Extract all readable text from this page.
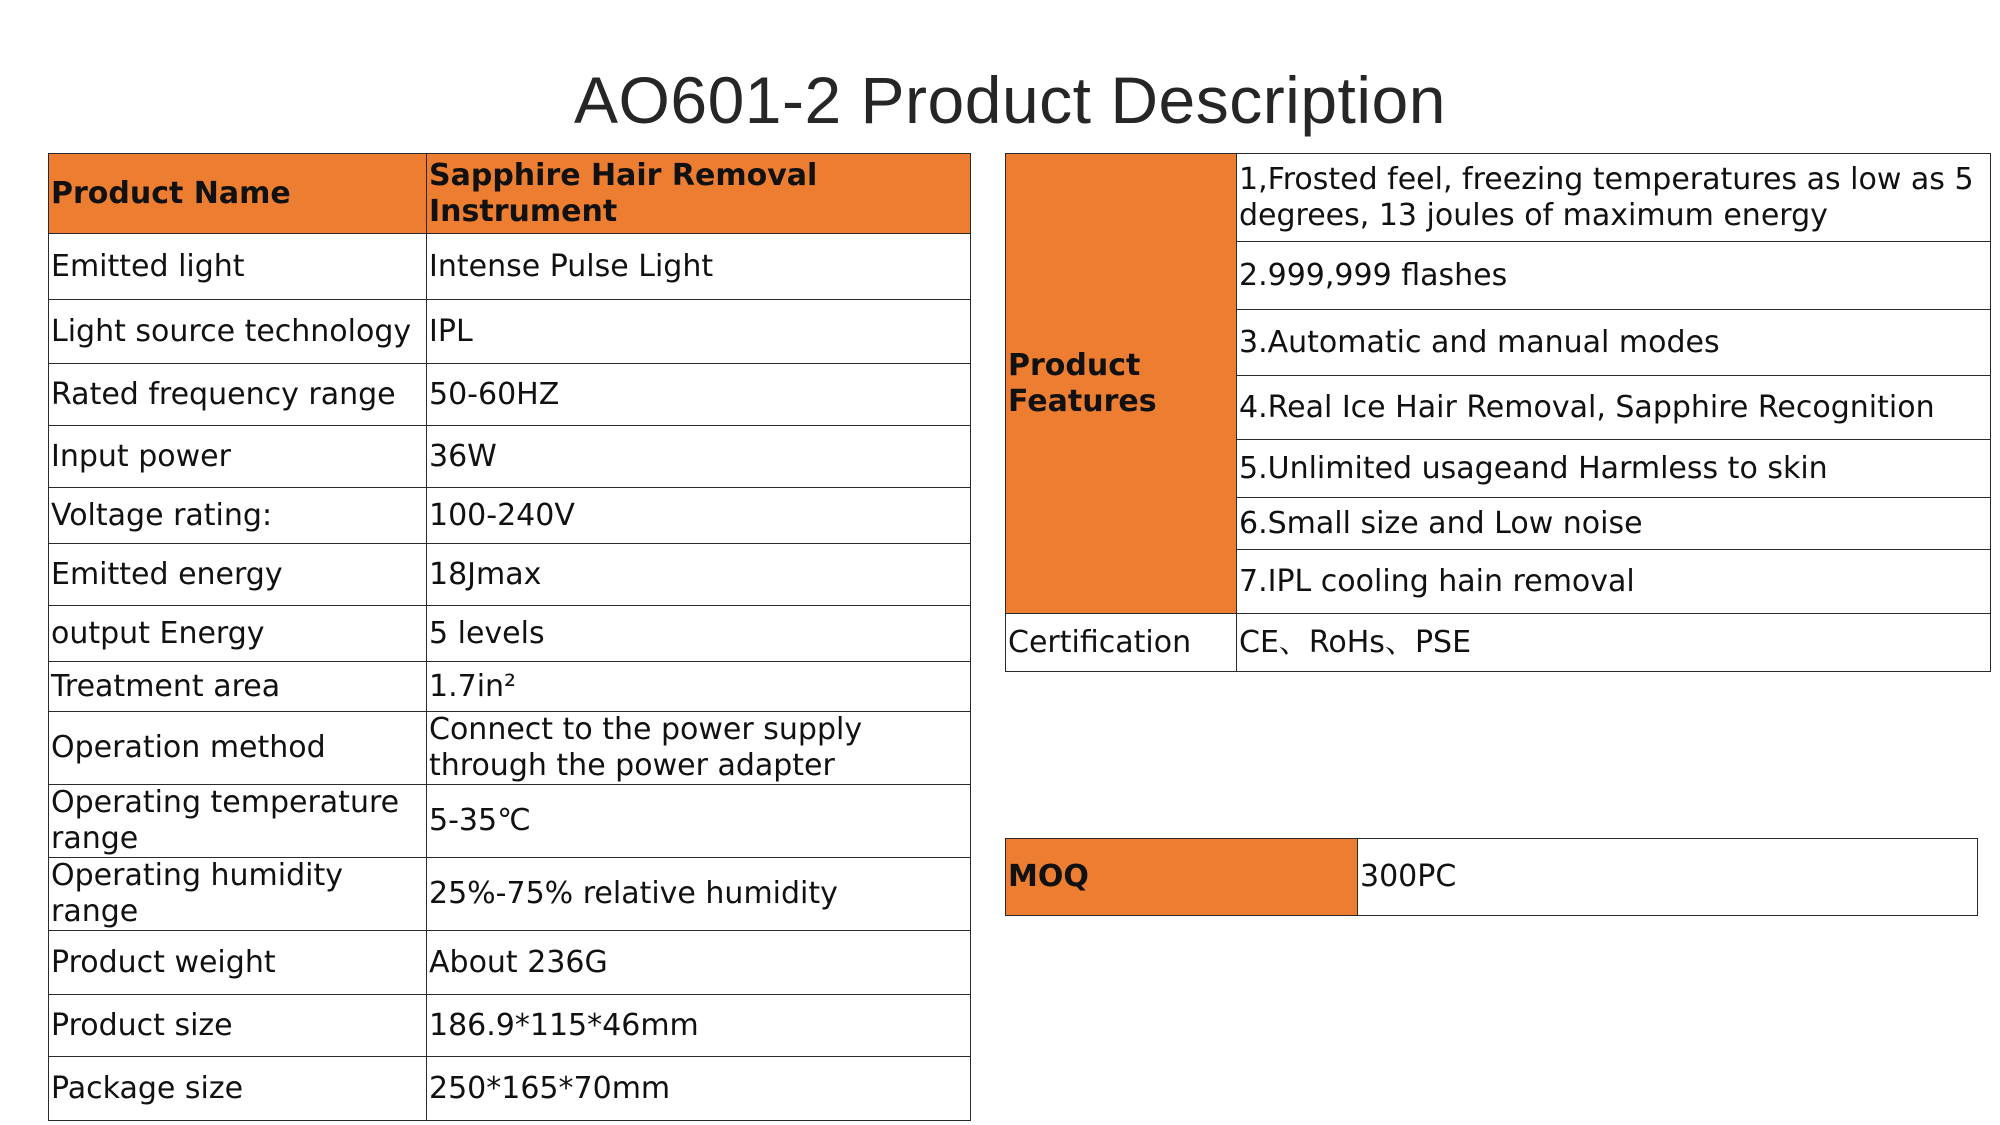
AO601-2 Product Description
Product Name	Sapphire Hair Removal Instrument
Emitted light	Intense Pulse Light
Light source technology	IPL
Rated frequency range	50-60HZ
Input power	36W
Voltage rating:	100-240V
Emitted energy	18Jmax
output Energy	5 levels
Treatment area	1.7in²
Operation method	Connect to the power supply through the power adapter
Operating temperature range	5-35℃
Operating humidity range	25%-75% relative humidity
Product weight	About 236G
Product size	186.9*115*46mm
Package size	250*165*70mm
Product Features	1,Frosted feel, freezing temperatures as low as 5 degrees, 13 joules of maximum energy
	2.999,999 flashes
	3.Automatic and manual modes
	4.Real Ice Hair Removal, Sapphire Recognition
	5.Unlimited usageand Harmless to skin
	6.Small size and Low noise
	7.IPL cooling hain removal
Certification	CE、RoHs、PSE
MOQ	300PC
